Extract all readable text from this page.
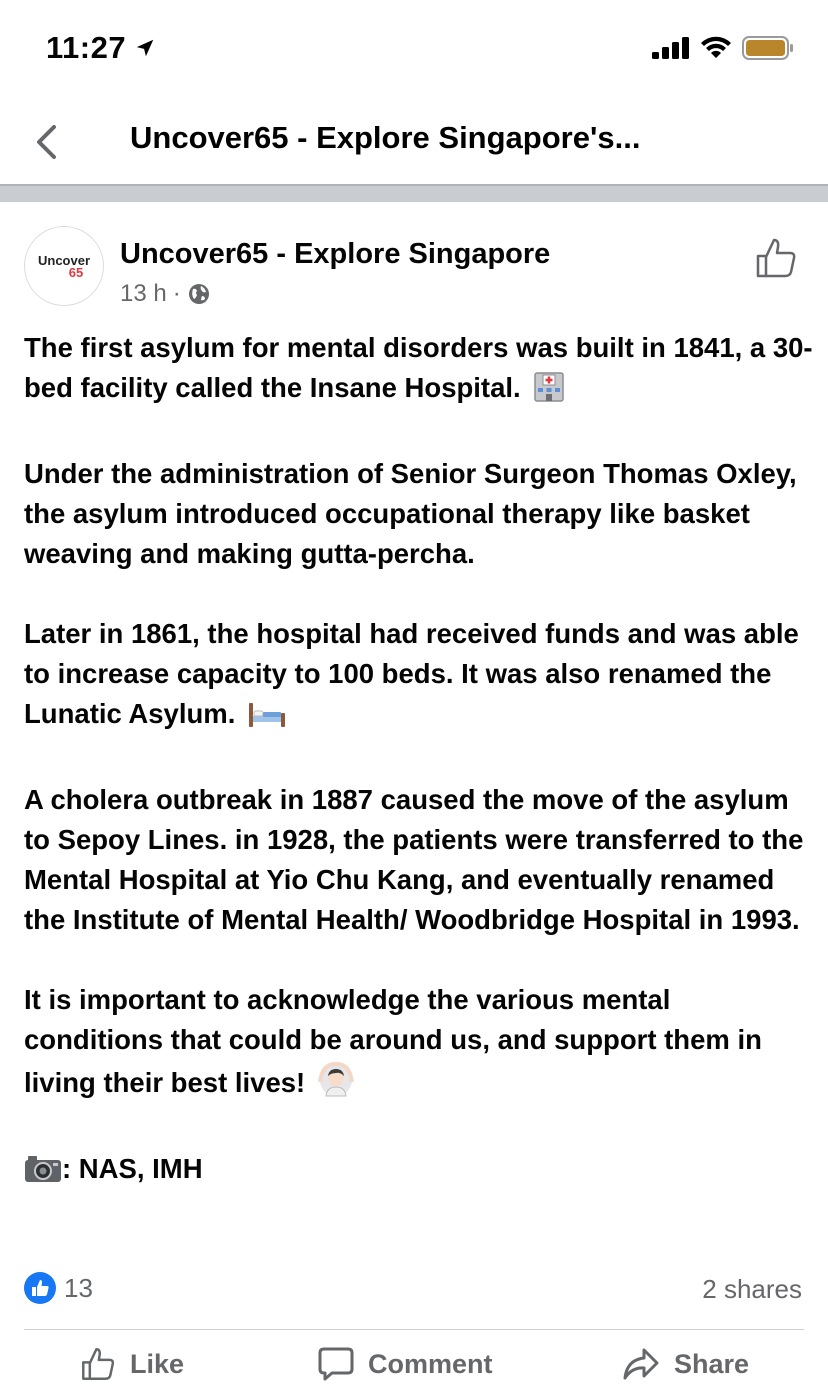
11:27
Uncover65 - Explore Singapore's...
Uncover
65
Uncover65 - Explore Singapore
13 h ·

The first asylum for mental disorders was built in 1841, a 30-bed facility called the Insane Hospital.

Under the administration of Senior Surgeon Thomas Oxley, the asylum introduced occupational therapy like basket weaving and making gutta-percha.

Later in 1861, the hospital had received funds and was able to increase capacity to 100 beds. It was also renamed the Lunatic Asylum.

A cholera outbreak in 1887 caused the move of the asylum to Sepoy Lines. in 1928, the patients were transferred to the Mental Hospital at Yio Chu Kang, and eventually renamed the Institute of Mental Health/ Woodbridge Hospital in 1993.

It is important to acknowledge the various mental conditions that could be around us, and support them in living their best lives!

: NAS, IMH

13	2 shares
Like	Comment	Share
